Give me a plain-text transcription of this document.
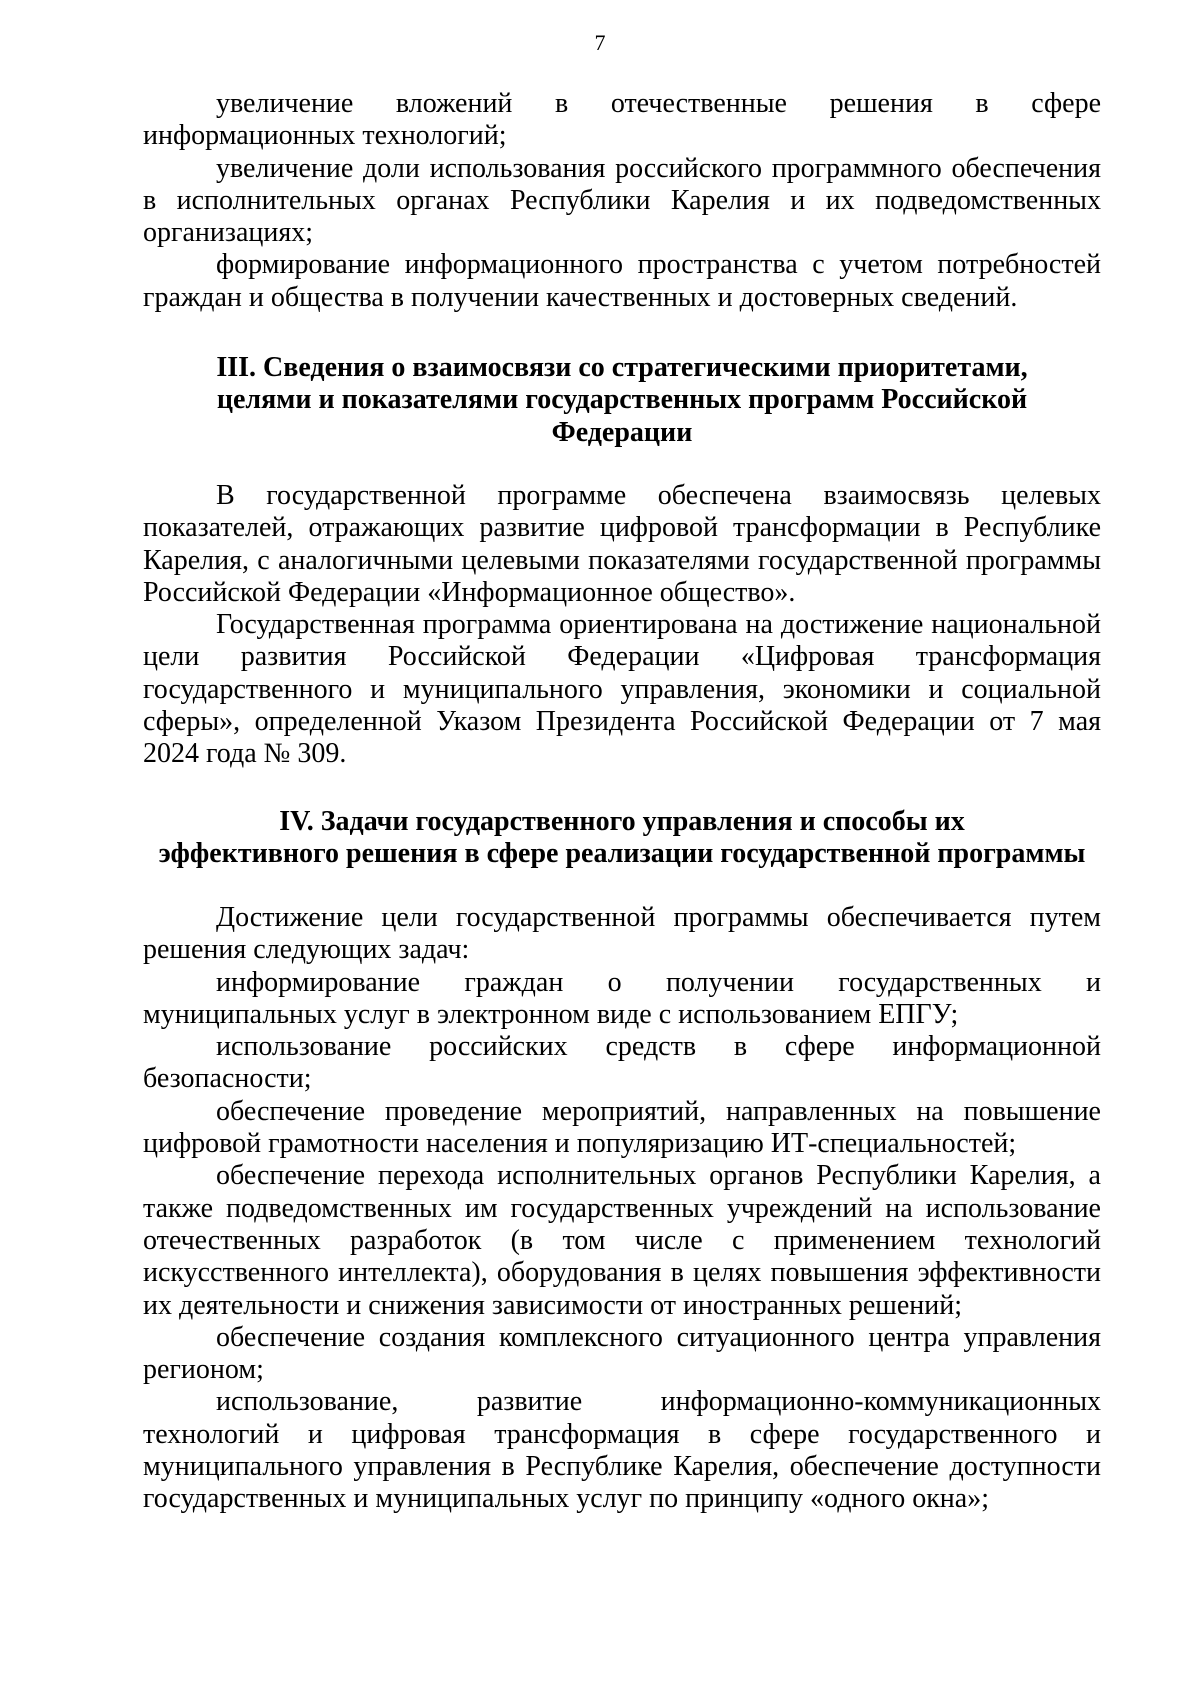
7

увеличение вложений в отечественные решения в сфере информационных технологий;

увеличение доли использования российского программного обеспечения в исполнительных органах Республики Карелия и их подведомственных организациях;

формирование информационного пространства с учетом потребностей граждан и общества в получении качественных и достоверных сведений.

III. Сведения о взаимосвязи со стратегическими приоритетами,

целями и показателями государственных программ Российской

Федерации

В государственной программе обеспечена взаимосвязь целевых показателей, отражающих развитие цифровой трансформации в Республике Карелия, с аналогичными целевыми показателями государственной программы Российской Федерации «Информационное общество».

Государственная программа ориентирована на достижение национальной цели развития Российской Федерации «Цифровая трансформация государственного и муниципального управления, экономики и социальной сферы», определенной Указом Президента Российской Федерации от 7 мая 2024 года № 309.

IV. Задачи государственного управления и способы их

эффективного решения в сфере реализации государственной программы

Достижение цели государственной программы обеспечивается путем решения следующих задач:

информирование граждан о получении государственных и муниципальных услуг в электронном виде с использованием ЕПГУ;

использование российских средств в сфере информационной безопасности;

обеспечение проведение мероприятий, направленных на повышение цифровой грамотности населения и популяризацию ИТ-специальностей;

обеспечение перехода исполнительных органов Республики Карелия, а также подведомственных им государственных учреждений на использование отечественных разработок (в том числе с применением технологий искусственного интеллекта), оборудования в целях повышения эффективности их деятельности и снижения зависимости от иностранных решений;

обеспечение создания комплексного ситуационного центра управления регионом;

использование, развитие информационно-коммуникационных технологий и цифровая трансформация в сфере государственного и муниципального управления в Республике Карелия, обеспечение доступности государственных и муниципальных услуг по принципу «одного окна»;
